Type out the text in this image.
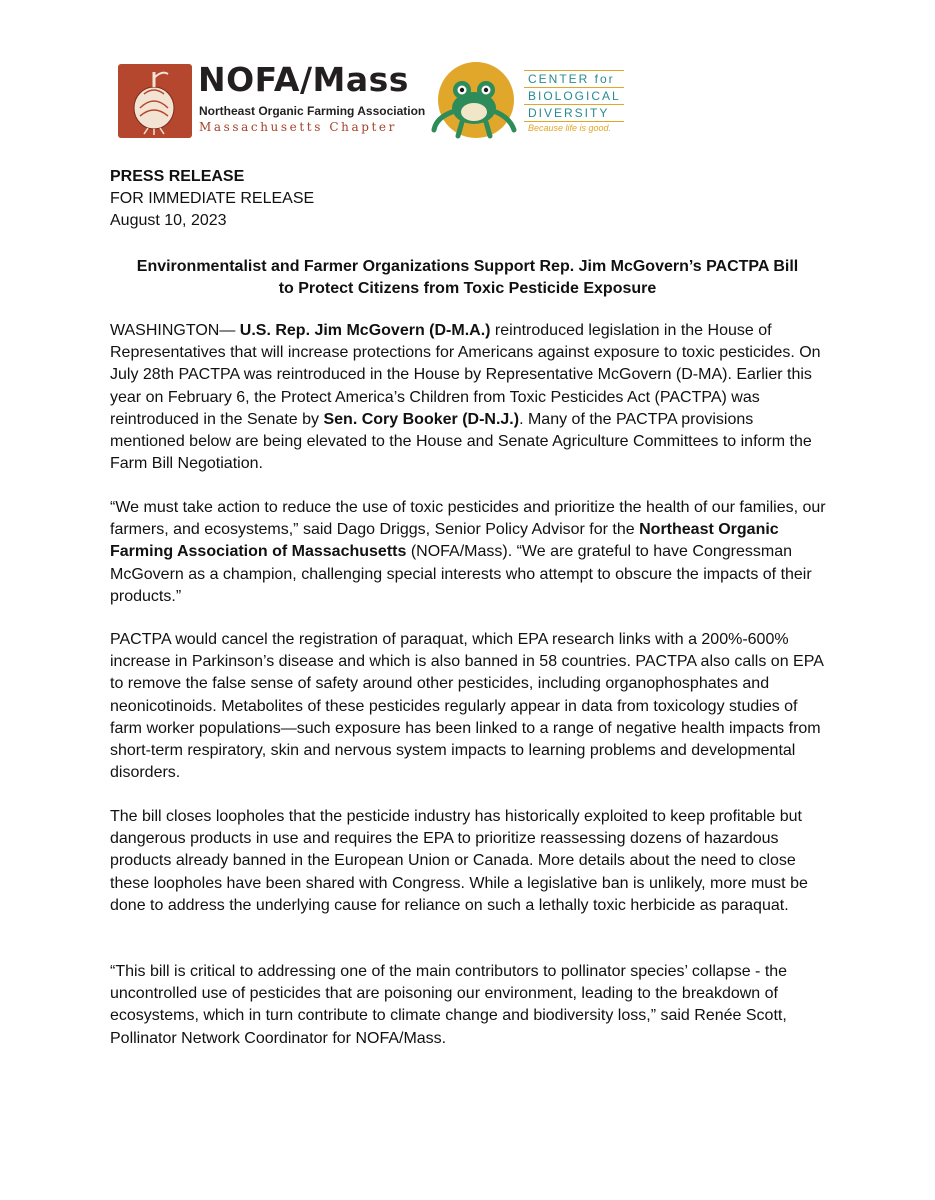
NOFA/Mass
Northeast Organic Farming Association
Massachusetts Chapter
CENTER for
BIOLOGICAL
DIVERSITY
Because life is good.
PRESS RELEASE
FOR IMMEDIATE RELEASE
August 10, 2023
Environmentalist and Farmer Organizations Support Rep. Jim McGovern’s PACTPA Bill
to Protect Citizens from Toxic Pesticide Exposure

WASHINGTON— U.S. Rep. Jim McGovern (D-M.A.) reintroduced legislation in the House of Representatives that will increase protections for Americans against exposure to toxic pesticides. On July 28th PACTPA was reintroduced in the House by Representative McGovern (D-MA). Earlier this year on February 6, the Protect America’s Children from Toxic Pesticides Act (PACTPA) was reintroduced in the Senate by Sen. Cory Booker (D-N.J.). Many of the PACTPA provisions mentioned below are being elevated to the House and Senate Agriculture Committees to inform the Farm Bill Negotiation.

“We must take action to reduce the use of toxic pesticides and prioritize the health of our families, our farmers, and ecosystems,” said Dago Driggs, Senior Policy Advisor for the Northeast Organic Farming Association of Massachusetts (NOFA/Mass). “We are grateful to have Congressman McGovern as a champion, challenging special interests who attempt to obscure the impacts of their products.”

PACTPA would cancel the registration of paraquat, which EPA research links with a 200%-600% increase in Parkinson’s disease and which is also banned in 58 countries. PACTPA also calls on EPA to remove the false sense of safety around other pesticides, including organophosphates and neonicotinoids. Metabolites of these pesticides regularly appear in data from toxicology studies of farm worker populations—such exposure has been linked to a range of negative health impacts from short-term respiratory, skin and nervous system impacts to learning problems and developmental disorders.

The bill closes loopholes that the pesticide industry has historically exploited to keep profitable but dangerous products in use and requires the EPA to prioritize reassessing dozens of hazardous products already banned in the European Union or Canada. More details about the need to close these loopholes have been shared with Congress. While a legislative ban is unlikely, more must be done to address the underlying cause for reliance on such a lethally toxic herbicide as paraquat.

“This bill is critical to addressing one of the main contributors to pollinator species’ collapse - the uncontrolled use of pesticides that are poisoning our environment, leading to the breakdown of ecosystems, which in turn contribute to climate change and biodiversity loss,” said Renée Scott, Pollinator Network Coordinator for NOFA/Mass.
